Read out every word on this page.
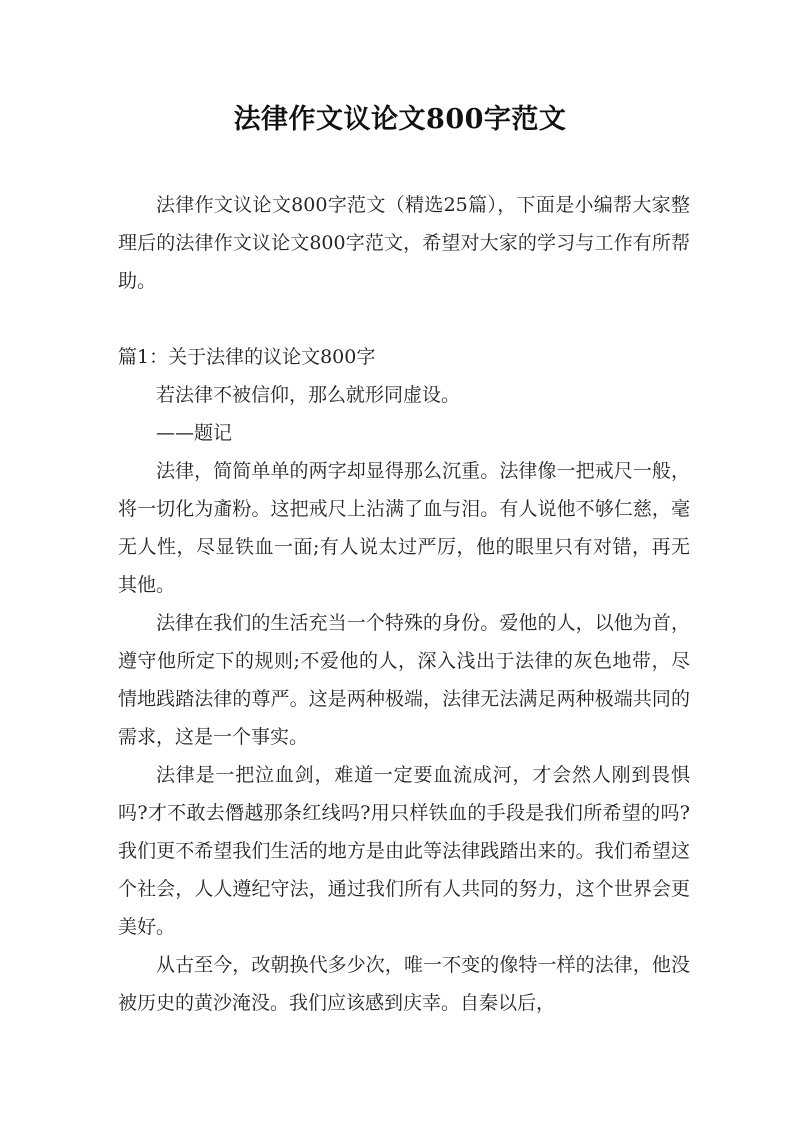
法律作文议论文800字范文

法律作文议论文800字范文（精选25篇），下面是小编帮大家整理后的法律作文议论文800字范文，希望对大家的学习与工作有所帮助。

篇1：关于法律的议论文800字

若法律不被信仰，那么就形同虚设。

——题记

法律，简简单单的两字却显得那么沉重。法律像一把戒尺一般，将一切化为齑粉。这把戒尺上沾满了血与泪。有人说他不够仁慈，毫无人性，尽显铁血一面;有人说太过严厉，他的眼里只有对错，再无其他。

法律在我们的生活充当一个特殊的身份。爱他的人，以他为首，遵守他所定下的规则;不爱他的人，深入浅出于法律的灰色地带，尽情地践踏法律的尊严。这是两种极端，法律无法满足两种极端共同的需求，这是一个事实。

法律是一把泣血剑，难道一定要血流成河，才会然人刚到畏惧吗?才不敢去僭越那条红线吗?用只样铁血的手段是我们所希望的吗?我们更不希望我们生活的地方是由此等法律践踏出来的。我们希望这个社会，人人遵纪守法，通过我们所有人共同的努力，这个世界会更美好。

从古至今，改朝换代多少次，唯一不变的像特一样的法律，他没被历史的黄沙淹没。我们应该感到庆幸。自秦以后，
